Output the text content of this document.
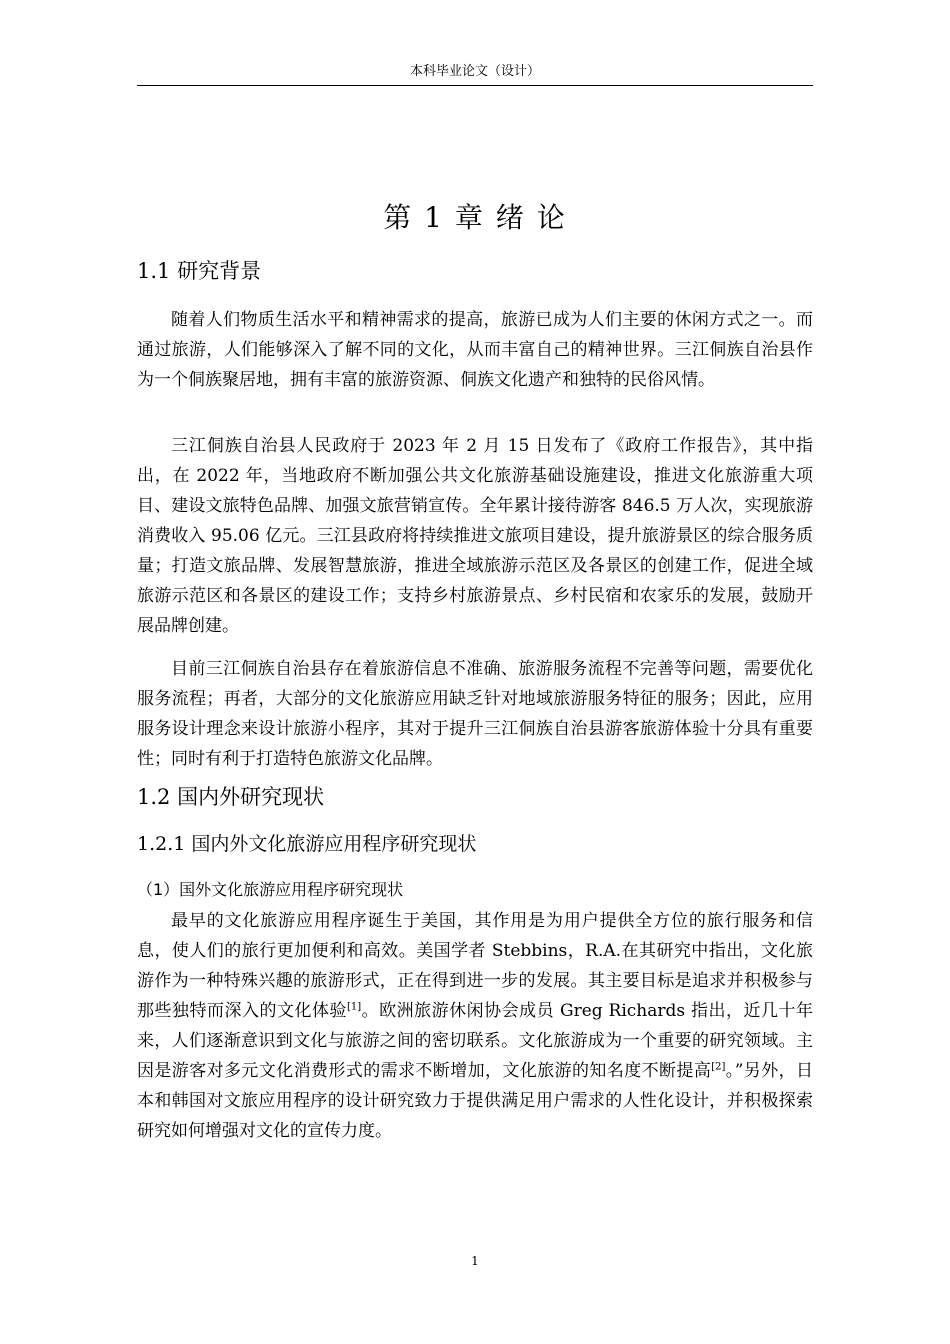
本科毕业论文（设计）
第 1 章 绪 论
1.1 研究背景

随着人们物质生活水平和精神需求的提高，旅游已成为人们主要的休闲方式之一。而通过旅游，人们能够深入了解不同的文化，从而丰富自己的精神世界。三江侗族自治县作为一个侗族聚居地，拥有丰富的旅游资源、侗族文化遗产和独特的民俗风情。

三江侗族自治县人民政府于 2023 年 2 月 15 日发布了《政府工作报告》，其中指出，在 2022 年，当地政府不断加强公共文化旅游基础设施建设，推进文化旅游重大项目、建设文旅特色品牌、加强文旅营销宣传。全年累计接待游客 846.5 万人次，实现旅游消费收入 95.06 亿元。三江县政府将持续推进文旅项目建设，提升旅游景区的综合服务质量；打造文旅品牌、发展智慧旅游，推进全域旅游示范区及各景区的创建工作，促进全域旅游示范区和各景区的建设工作；支持乡村旅游景点、乡村民宿和农家乐的发展，鼓励开展品牌创建。

目前三江侗族自治县存在着旅游信息不准确、旅游服务流程不完善等问题，需要优化服务流程；再者，大部分的文化旅游应用缺乏针对地域旅游服务特征的服务；因此，应用服务设计理念来设计旅游小程序，其对于提升三江侗族自治县游客旅游体验十分具有重要性；同时有利于打造特色旅游文化品牌。

1.2 国内外研究现状
1.2.1 国内外文化旅游应用程序研究现状
（1）国外文化旅游应用程序研究现状

最早的文化旅游应用程序诞生于美国，其作用是为用户提供全方位的旅行服务和信息，使人们的旅行更加便利和高效。美国学者 Stebbins，R.A.在其研究中指出，文化旅游作为一种特殊兴趣的旅游形式，正在得到进一步的发展。其主要目标是追求并积极参与那些独特而深入的文化体验[1]。欧洲旅游休闲协会成员 Greg Richards 指出，近几十年来，人们逐渐意识到文化与旅游之间的密切联系。文化旅游成为一个重要的研究领域。主因是游客对多元文化消费形式的需求不断增加，文化旅游的知名度不断提高[2]。”另外，日本和韩国对文旅应用程序的设计研究致力于提供满足用户需求的人性化设计，并积极探索研究如何增强对文化的宣传力度。

1
